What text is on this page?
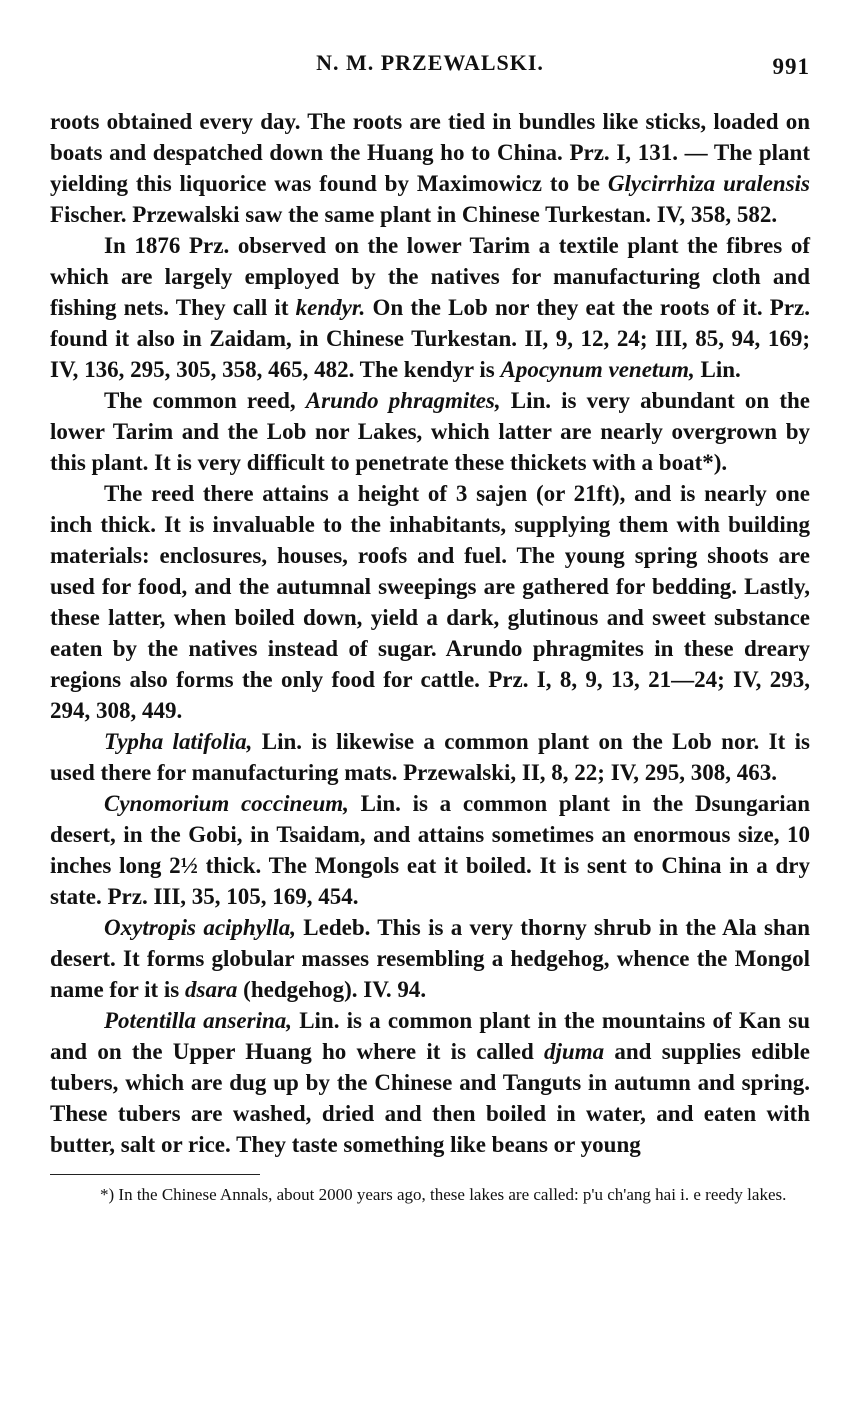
N. M. PRZEWALSKI.	991

roots obtained every day. The roots are tied in bundles like sticks, loaded on boats and despatched down the Huang ho to China. Prz. I, 131. — The plant yielding this liquorice was found by Maximowicz to be Glycirrhiza uralensis Fischer. Przewalski saw the same plant in Chinese Turkestan. IV, 358, 582.

In 1876 Prz. observed on the lower Tarim a textile plant the fibres of which are largely employed by the natives for manufacturing cloth and fishing nets. They call it kendyr. On the Lob nor they eat the roots of it. Prz. found it also in Zaidam, in Chinese Turkestan. II, 9, 12, 24; III, 85, 94, 169; IV, 136, 295, 305, 358, 465, 482. The kendyr is Apocynum venetum, Lin.

The common reed, Arundo phragmites, Lin. is very abundant on the lower Tarim and the Lob nor Lakes, which latter are nearly overgrown by this plant. It is very difficult to penetrate these thickets with a boat*).

The reed there attains a height of 3 sajen (or 21ft), and is nearly one inch thick. It is invaluable to the inhabitants, supplying them with building materials: enclosures, houses, roofs and fuel. The young spring shoots are used for food, and the autumnal sweepings are gathered for bedding. Lastly, these latter, when boiled down, yield a dark, glutinous and sweet substance eaten by the natives instead of sugar. Arundo phragmites in these dreary regions also forms the only food for cattle. Prz. I, 8, 9, 13, 21—24; IV, 293, 294, 308, 449.

Typha latifolia, Lin. is likewise a common plant on the Lob nor. It is used there for manufacturing mats. Przewalski, II, 8, 22; IV, 295, 308, 463.

Cynomorium coccineum, Lin. is a common plant in the Dsungarian desert, in the Gobi, in Tsaidam, and attains sometimes an enormous size, 10 inches long 2½ thick. The Mongols eat it boiled. It is sent to China in a dry state. Prz. III, 35, 105, 169, 454.

Oxytropis aciphylla, Ledeb. This is a very thorny shrub in the Ala shan desert. It forms globular masses resembling a hedgehog, whence the Mongol name for it is dsara (hedgehog). IV. 94.

Potentilla anserina, Lin. is a common plant in the mountains of Kan su and on the Upper Huang ho where it is called djuma and supplies edible tubers, which are dug up by the Chinese and Tanguts in autumn and spring. These tubers are washed, dried and then boiled in water, and eaten with butter, salt or rice. They taste something like beans or young

*) In the Chinese Annals, about 2000 years ago, these lakes are called: p'u ch'ang hai i. e reedy lakes.
